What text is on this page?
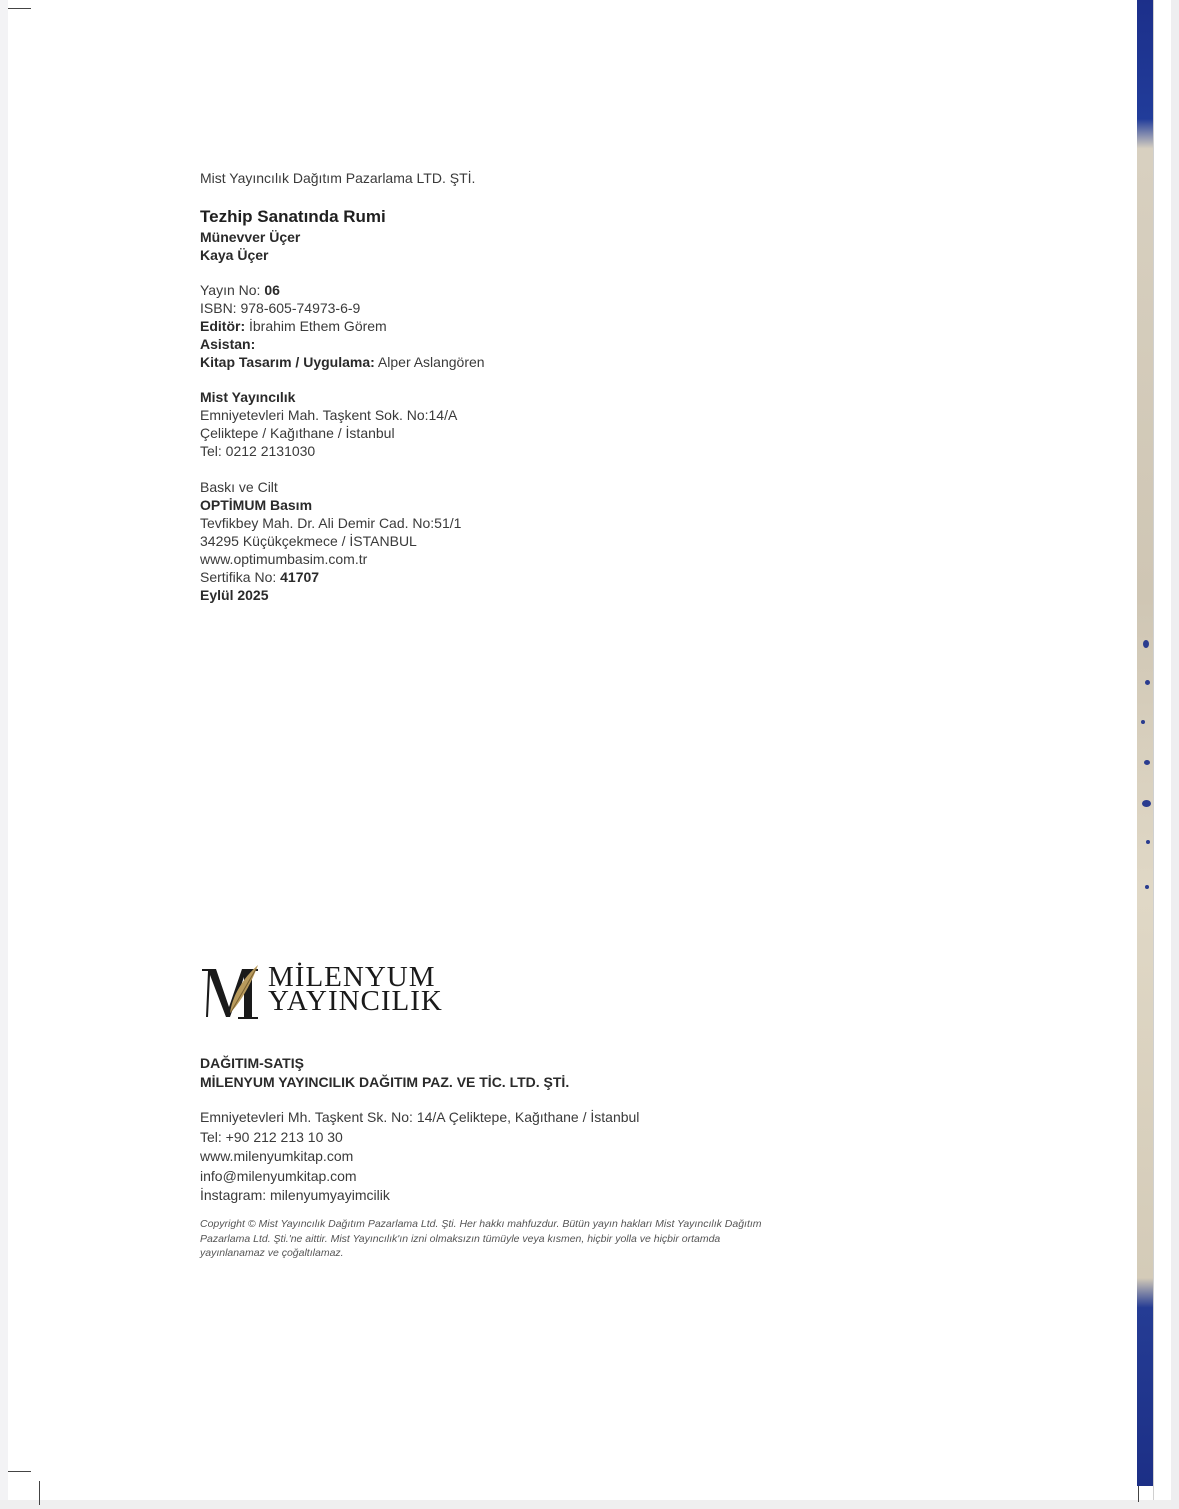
Mist Yayıncılık Dağıtım Pazarlama LTD. ŞTİ.
Tezhip Sanatında Rumi
Münevver Üçer
Kaya Üçer
Yayın No: 06
ISBN: 978-605-74973-6-9
Editör: İbrahim Ethem Görem
Asistan:
Kitap Tasarım / Uygulama: Alper Aslangören
Mist Yayıncılık
Emniyetevleri Mah. Taşkent Sok. No:14/A
Çeliktepe / Kağıthane / İstanbul
Tel: 0212 2131030
Baskı ve Cilt
OPTİMUM Basım
Tevfikbey Mah. Dr. Ali Demir Cad. No:51/1
34295 Küçükçekmece / İSTANBUL
www.optimumbasim.com.tr
Sertifika No: 41707
Eylül 2025
MİLENYUM
YAYINCILIK
DAĞITIM-SATIŞ
MİLENYUM YAYINCILIK DAĞITIM PAZ. VE TİC. LTD. ŞTİ.
Emniyetevleri Mh. Taşkent Sk. No: 14/A Çeliktepe, Kağıthane / İstanbul
Tel: +90 212 213 10 30
www.milenyumkitap.com
info@milenyumkitap.com
İnstagram: milenyumyayimcilik
Copyright © Mist Yayıncılık Dağıtım Pazarlama Ltd. Şti. Her hakkı mahfuzdur. Bütün yayın hakları Mist Yayıncılık Dağıtım
Pazarlama Ltd. Şti.'ne aittir. Mist Yayıncılık'ın izni olmaksızın tümüyle veya kısmen, hiçbir yolla ve hiçbir ortamda
yayınlanamaz ve çoğaltılamaz.
